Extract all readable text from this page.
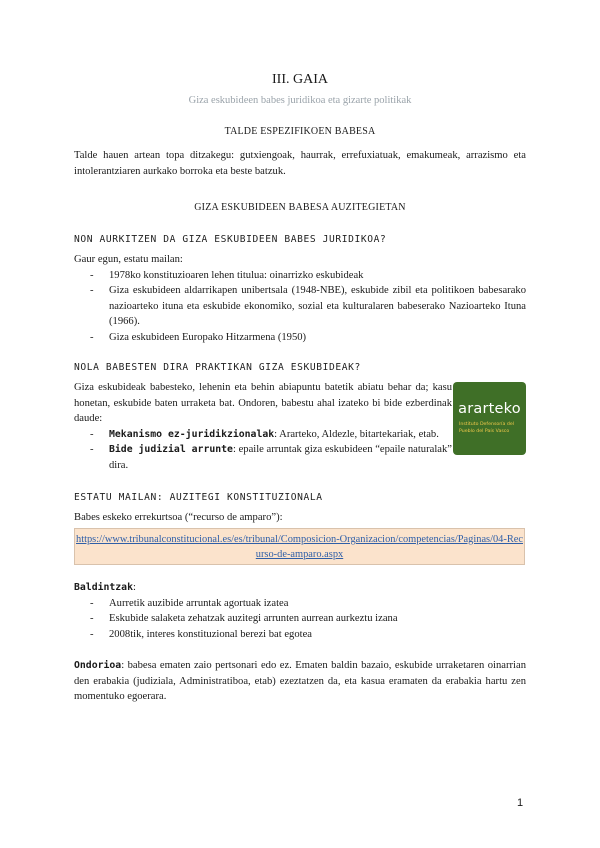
III. GAIA
Giza eskubideen babes juridikoa eta gizarte politikak
TALDE ESPEZIFIKOEN BABESA
Talde hauen artean topa ditzakegu: gutxiengoak, haurrak, errefuxiatuak, emakumeak, arrazismo eta intolerantziaren aurkako borroka eta beste batzuk.
GIZA ESKUBIDEEN BABESA AUZITEGIETAN
NON AURKITZEN DA GIZA ESKUBIDEEN BABES JURIDIKOA?
Gaur egun, estatu mailan:
- 1978ko konstituzioaren lehen titulua: oinarrizko eskubideak
- Giza eskubideen aldarrikapen unibertsala (1948-NBE), eskubide zibil eta politikoen babesarako nazioarteko ituna eta eskubide ekonomiko, sozial eta kulturalaren babeserako Nazioarteko Ituna (1966).
- Giza eskubideen Europako Hitzarmena (1950)
NOLA BABESTEN DIRA PRAKTIKAN GIZA ESKUBIDEAK?
Giza eskubideak babesteko, lehenin eta behin abiapuntu batetik abiatu behar da; kasu honetan, eskubide baten urraketa bat. Ondoren, babestu ahal izateko bi bide ezberdinak daude:
- Mekanismo ez-juridikzionalak: Ararteko, Aldezle, bitartekariak, etab.
- Bide judizial arrunte: epaile arruntak giza eskubideen “epaile naturalak” dira.
ararteko
Instituto Defensoría del Pueblo del País Vasco
ESTATU MAILAN: AUZITEGI KONSTITUZIONALA
Babes eskeko errekurtsoa (“recurso de amparo”):
https://www.tribunalconstitucional.es/es/tribunal/Composicion-Organizacion/competencias/Paginas/04-Recurso-de-amparo.aspx
Baldintzak:
- Aurretik auzibide arruntak agortuak izatea
- Eskubide salaketa zehatzak auzitegi arrunten aurrean aurkeztu izana
- 2008tik, interes konstituzional berezi bat egotea
Ondorioa: babesa ematen zaio pertsonari edo ez. Ematen baldin bazaio, eskubide urraketaren oinarrian den erabakia (judiziala, Administratiboa, etab) ezeztatzen da, eta kasua eramaten da erabakia hartu zen momentuko egoerara.
1
